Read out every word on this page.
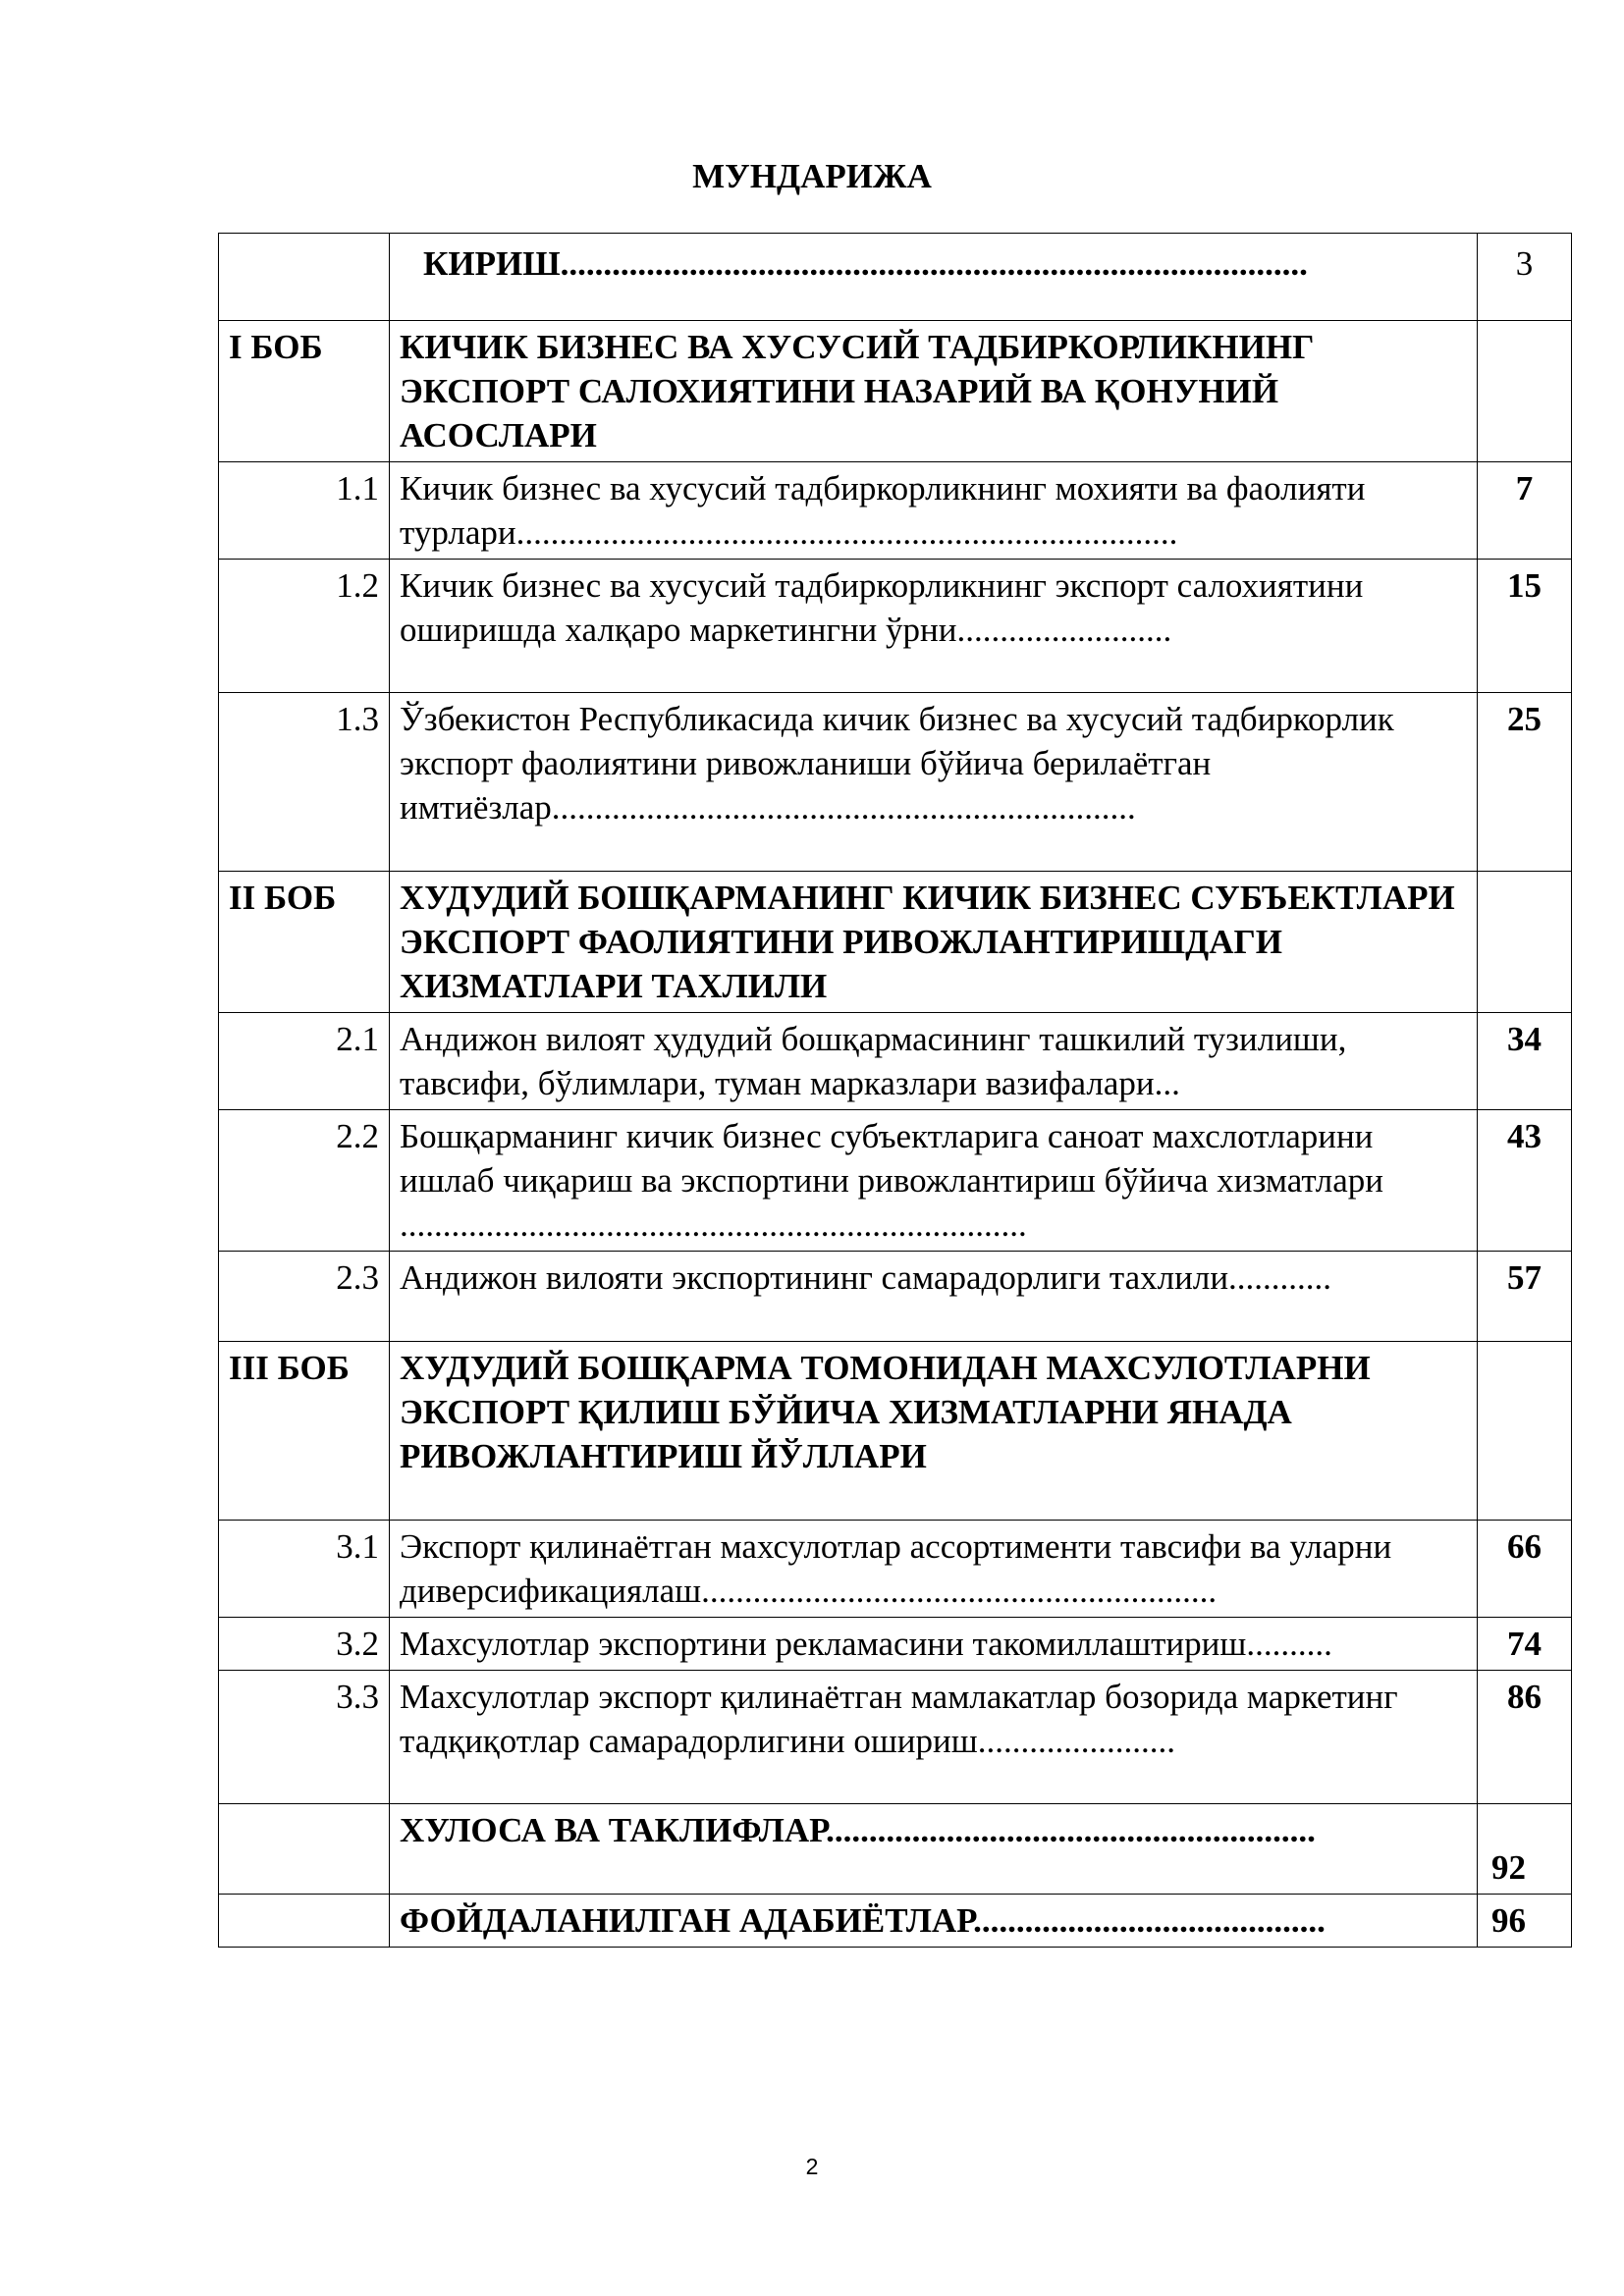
МУНДАРИЖА
	КИРИШ.......................................................................................	3
I БОБ	КИЧИК БИЗНЕС ВА ХУСУСИЙ ТАДБИРКОРЛИКНИНГ ЭКСПОРТ САЛОХИЯТИНИ НАЗАРИЙ ВА ҚОНУНИЙ АСОСЛАРИ	
1.1	Кичик бизнес ва хусусий тадбиркорликнинг мохияти ва фаолияти турлари.............................................................................	7
1.2	Кичик бизнес ва хусусий тадбиркорликнинг экспорт салохиятини оширишда халқаро маркетингни ўрни.........................	15
1.3	Ўзбекистон Республикасида кичик бизнес ва хусусий тадбиркорлик экспорт фаолиятини ривожланиши бўйича берилаётган имтиёзлар....................................................................	25
II БОБ	ХУДУДИЙ БОШҚАРМАНИНГ КИЧИК БИЗНЕС СУБЪЕКТЛАРИ ЭКСПОРТ ФАОЛИЯТИНИ РИВОЖЛАНТИРИШДАГИ ХИЗМАТЛАРИ ТАХЛИЛИ	
2.1	Андижон вилоят ҳудудий бошқармасининг ташкилий тузилиши, тавсифи, бўлимлари, туман марказлари вазифалари...	34
2.2	Бошқарманинг кичик бизнес субъектларига саноат махслотларини ишлаб чиқариш ва экспортини ривожлантириш бўйича хизматлари .........................................................................	43
2.3	Андижон вилояти экспортининг самарадорлиги тахлили............	57
III БОБ	ХУДУДИЙ БОШҚАРМА ТОМОНИДАН МАХСУЛОТЛАРНИ ЭКСПОРТ ҚИЛИШ БЎЙИЧА ХИЗМАТЛАРНИ ЯНАДА РИВОЖЛАНТИРИШ ЙЎЛЛАРИ	
3.1	Экспорт қилинаётган махсулотлар ассортименти тавсифи ва уларни диверсификациялаш............................................................	66
3.2	Махсулотлар экспортини рекламасини такомиллаштириш..........	74
3.3	Махсулотлар экспорт қилинаётган мамлакатлар бозорида маркетинг тадқиқотлар самарадорлигини ошириш.......................	86
	ХУЛОСА ВА ТАКЛИФЛАР.........................................................	92
	ФОЙДАЛАНИЛГАН АДАБИЁТЛАР.........................................	96
2
